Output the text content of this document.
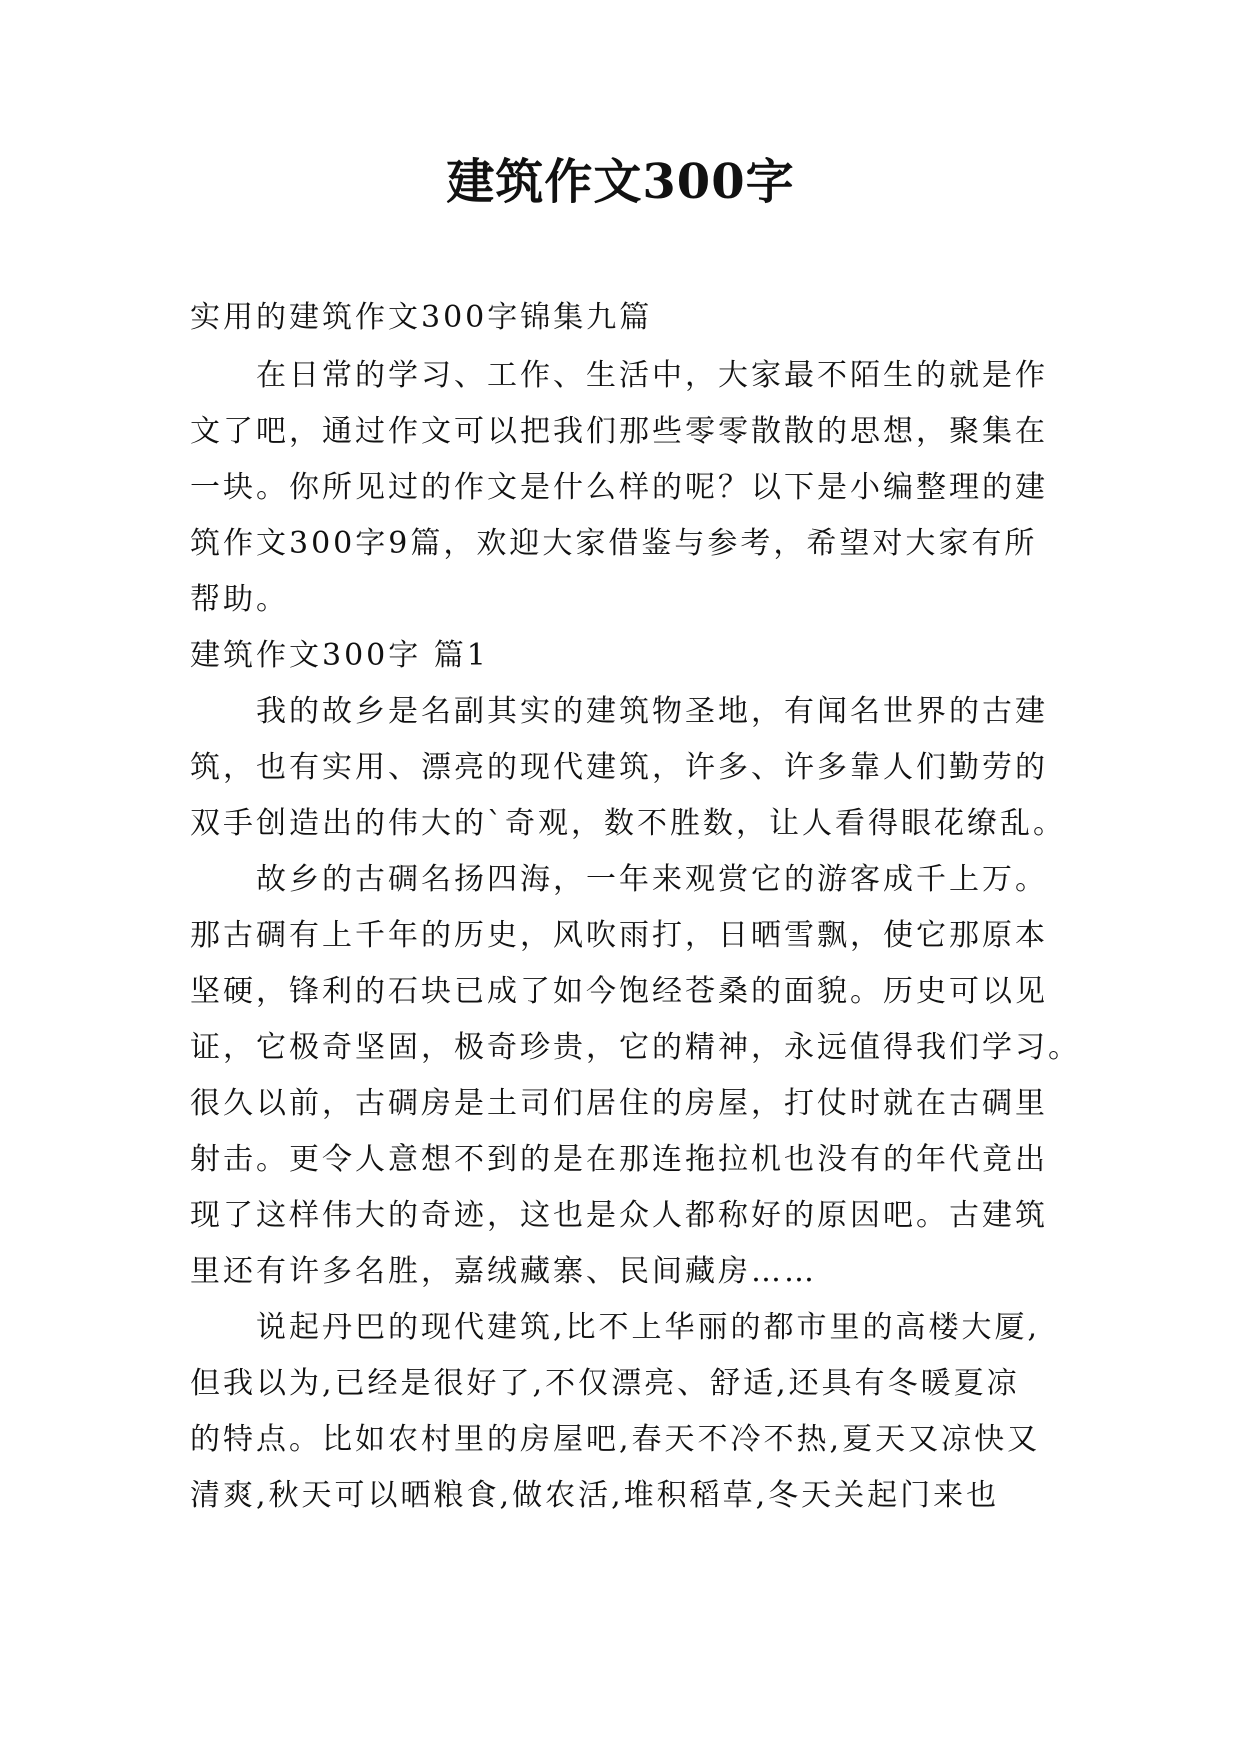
建筑作文300字

实用的建筑作文300字锦集九篇

　　在日常的学习、工作、生活中，大家最不陌生的就是作

文了吧，通过作文可以把我们那些零零散散的思想，聚集在

一块。你所见过的作文是什么样的呢？以下是小编整理的建

筑作文300字9篇，欢迎大家借鉴与参考，希望对大家有所

帮助。

建筑作文300字 篇1

　　我的故乡是名副其实的建筑物圣地，有闻名世界的古建

筑，也有实用、漂亮的现代建筑，许多、许多靠人们勤劳的

双手创造出的伟大的`奇观，数不胜数，让人看得眼花缭乱。

　　故乡的古碉名扬四海，一年来观赏它的游客成千上万。

那古碉有上千年的历史，风吹雨打，日晒雪飘，使它那原本

坚硬，锋利的石块已成了如今饱经苍桑的面貌。历史可以见

证，它极奇坚固，极奇珍贵，它的精神，永远值得我们学习。

很久以前，古碉房是土司们居住的房屋，打仗时就在古碉里

射击。更令人意想不到的是在那连拖拉机也没有的年代竟出

现了这样伟大的奇迹，这也是众人都称好的原因吧。古建筑

里还有许多名胜，嘉绒藏寨、民间藏房……

　　说起丹巴的现代建筑,比不上华丽的都市里的高楼大厦,

但我以为,已经是很好了,不仅漂亮、舒适,还具有冬暖夏凉

的特点。比如农村里的房屋吧,春天不冷不热,夏天又凉快又

清爽,秋天可以晒粮食,做农活,堆积稻草,冬天关起门来也
